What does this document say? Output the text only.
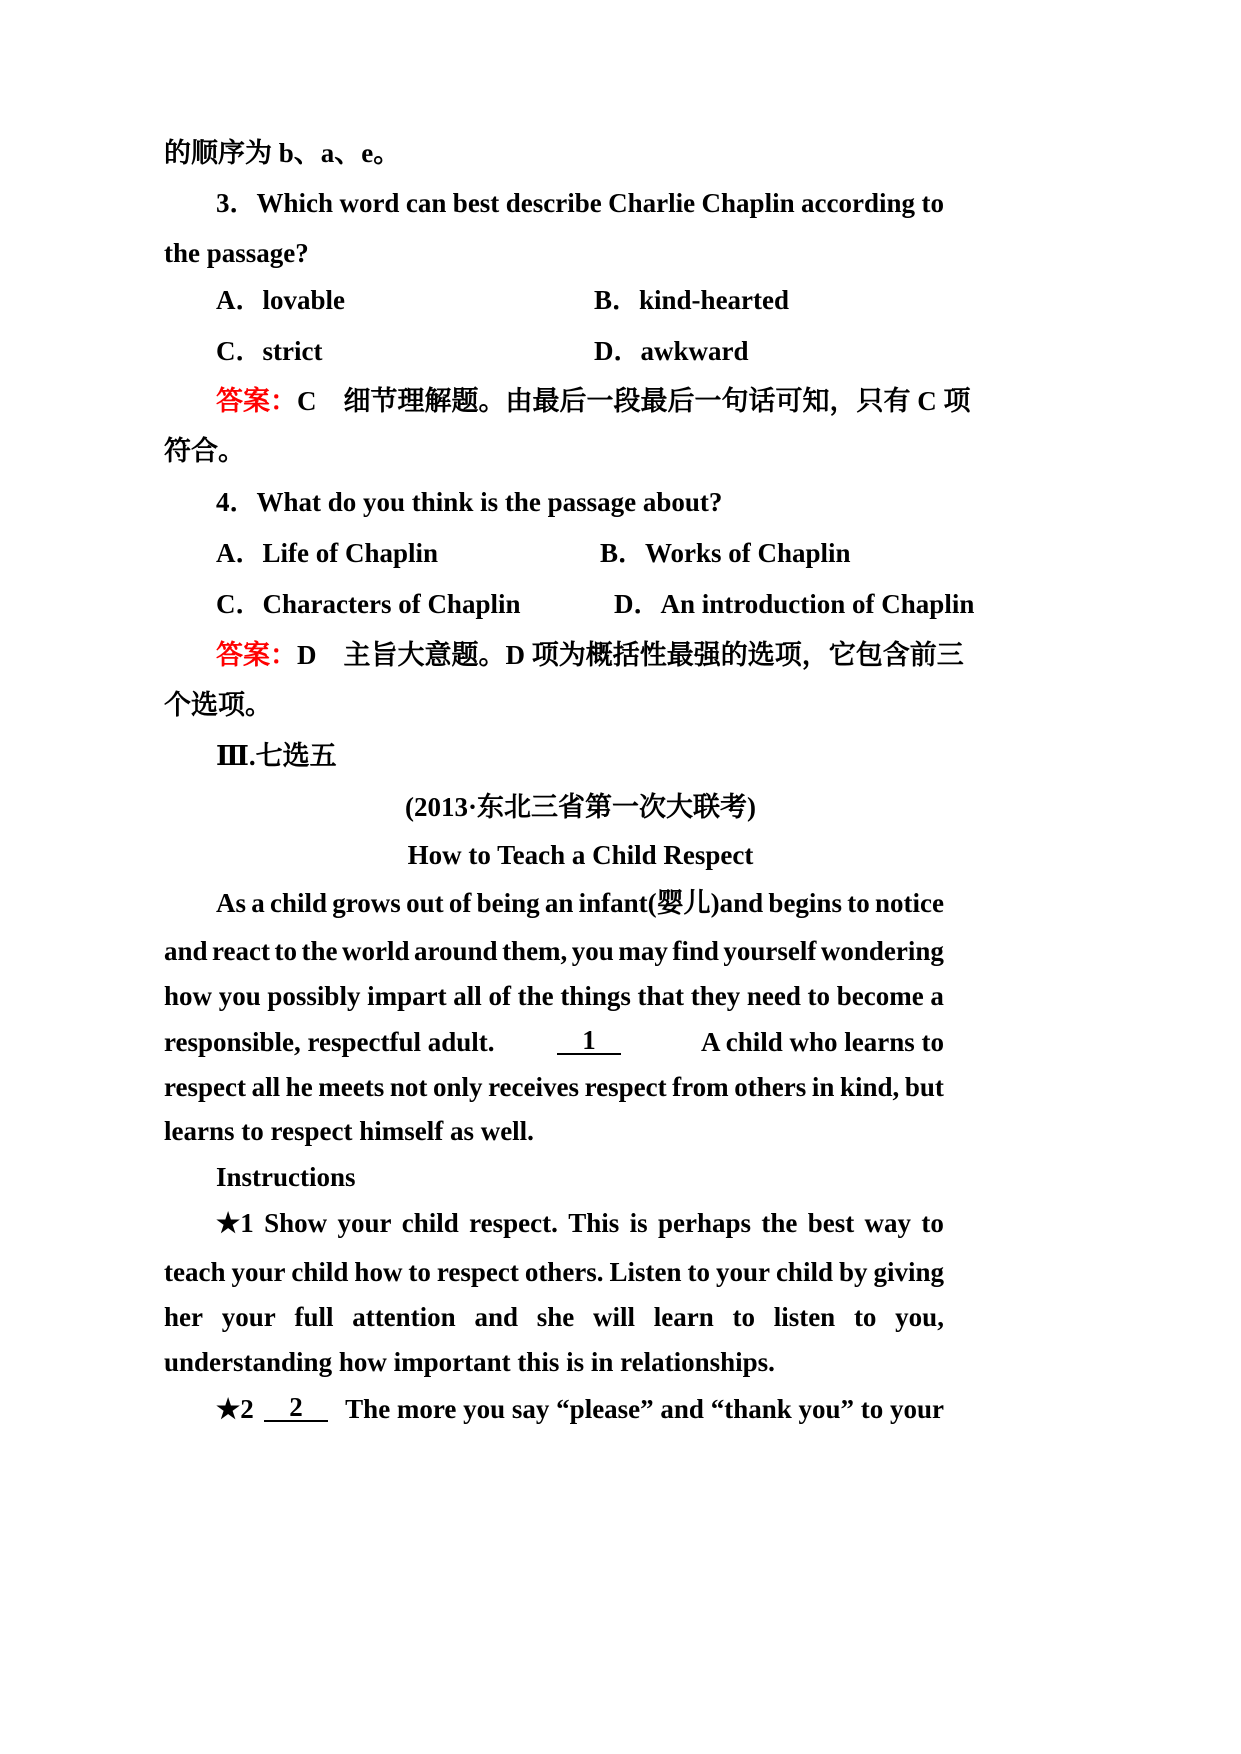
的顺序为 b、a、e。
3．Which word can best describe Charlie Chaplin according to
the passage?
A．lovable	B．kind-hearted
C．strict	D．awkward
答案：C　细节理解题。由最后一段最后一句话可知，只有 C 项
符合。
4．What do you think is the passage about?
A．Life of Chaplin	B．Works of Chaplin
C．Characters of Chaplin	D．An introduction of Chaplin
答案：D　主旨大意题。D 项为概括性最强的选项，它包含前三
个选项。
Ⅲ.七选五
(2013·东北三省第一次大联考)
How to Teach a Child Respect
As a child grows out of being an infant(婴儿)and begins to notice
and react to the world around them, you may find yourself wondering
how you possibly impart all of the things that they need to become a
responsible, respectful adult.	1	A child who learns to
respect all he meets not only receives respect from others in kind, but
learns to respect himself as well.
Instructions
★1 Show your child respect. This is perhaps the best way to
teach your child how to respect others. Listen to your child by giving
her your full attention and she will learn to listen to you,
understanding how important this is in relationships.
★2	2	The more you say “please” and “thank you” to your
